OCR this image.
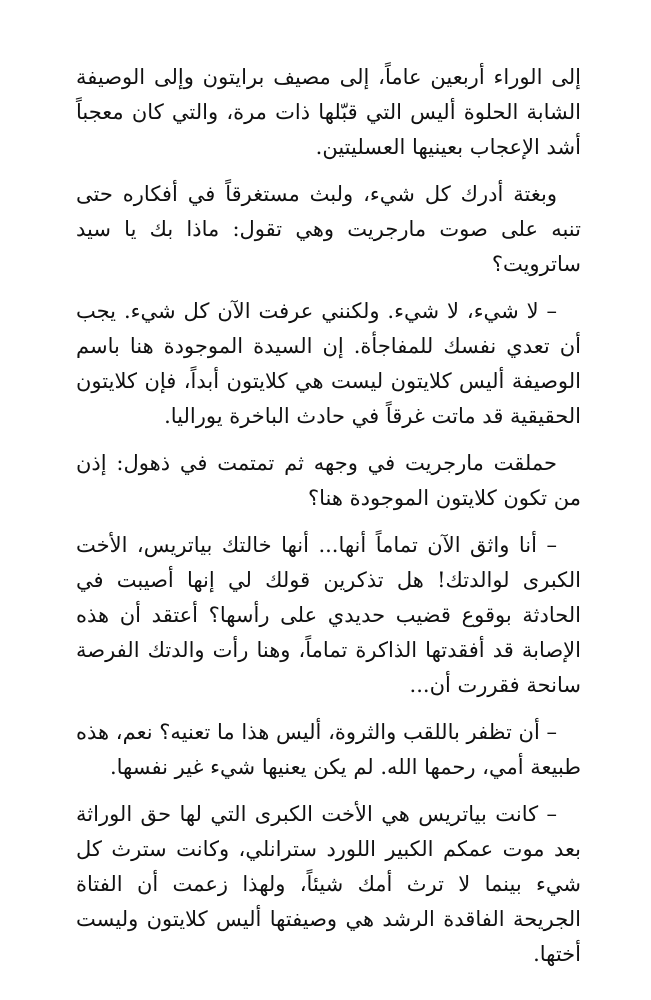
إلى الوراء أربعين عاماً، إلى مصيف برايتون وإلى الوصيفة الشابة الحلوة أليس التي قبّلها ذات مرة، والتي كان معجباً أشد الإعجاب بعينيها العسليتين.

وبغتة أدرك كل شيء، ولبث مستغرقاً في أفكاره حتى تنبه على صوت مارجريت وهي تقول: ماذا بك يا سيد ساترويت؟

– لا شيء، لا شيء. ولكنني عرفت الآن كل شيء. يجب أن تعدي نفسك للمفاجأة. إن السيدة الموجودة هنا باسم الوصيفة أليس كلايتون ليست هي كلايتون أبداً، فإن كلايتون الحقيقية قد ماتت غرقاً في حادث الباخرة يوراليا.

حملقت مارجريت في وجهه ثم تمتمت في ذهول: إذن من تكون كلايتون الموجودة هنا؟

– أنا واثق الآن تماماً أنها... أنها خالتك بياتريس، الأخت الكبرى لوالدتك! هل تذكرين قولك لي إنها أصيبت في الحادثة بوقوع قضيب حديدي على رأسها؟ أعتقد أن هذه الإصابة قد أفقدتها الذاكرة تماماً، وهنا رأت والدتك الفرصة سانحة فقررت أن...

– أن تظفر باللقب والثروة، أليس هذا ما تعنيه؟ نعم، هذه طبيعة أمي، رحمها الله. لم يكن يعنيها شيء غير نفسها.

– كانت بياتريس هي الأخت الكبرى التي لها حق الوراثة بعد موت عمكم الكبير اللورد سترانلي، وكانت سترث كل شيء بينما لا ترث أمك شيئاً، ولهذا زعمت أن الفتاة الجريحة الفاقدة الرشد هي وصيفتها أليس كلايتون وليست أختها.
